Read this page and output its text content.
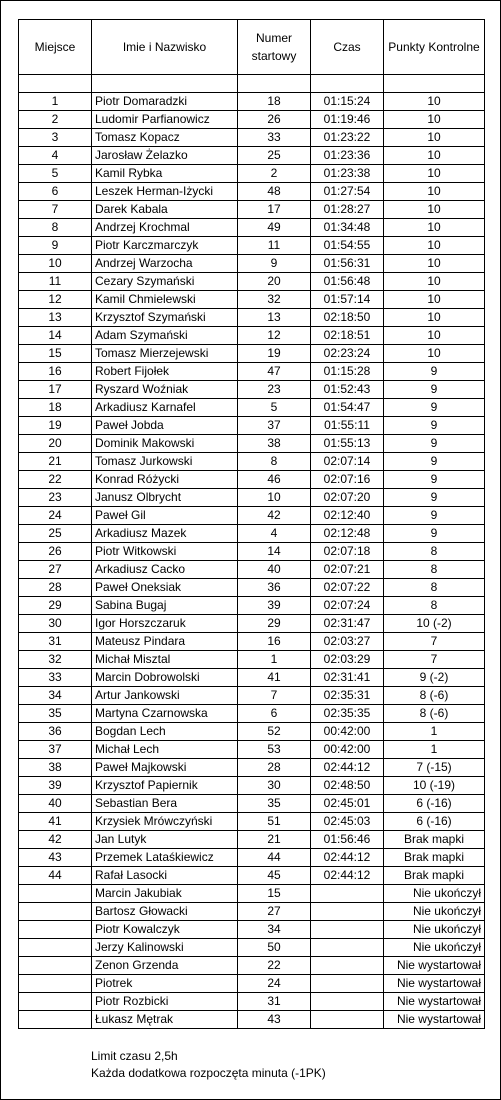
Miejsce	Imie i Nazwisko	Numer startowy	Czas	Punkty Kontrolne

1	Piotr Domaradzki	18	01:15:24	10
2	Ludomir Parfianowicz	26	01:19:46	10
3	Tomasz Kopacz	33	01:23:22	10
4	Jarosław Żelazko	25	01:23:36	10
5	Kamil Rybka	2	01:23:38	10
6	Leszek Herman-Iżycki	48	01:27:54	10
7	Darek Kabala	17	01:28:27	10
8	Andrzej Krochmal	49	01:34:48	10
9	Piotr Karczmarczyk	11	01:54:55	10
10	Andrzej Warzocha	9	01:56:31	10
11	Cezary Szymański	20	01:56:48	10
12	Kamil Chmielewski	32	01:57:14	10
13	Krzysztof Szymański	13	02:18:50	10
14	Adam Szymański	12	02:18:51	10
15	Tomasz Mierzejewski	19	02:23:24	10
16	Robert Fijołek	47	01:15:28	9
17	Ryszard Woźniak	23	01:52:43	9
18	Arkadiusz Karnafel	5	01:54:47	9
19	Paweł Jobda	37	01:55:11	9
20	Dominik Makowski	38	01:55:13	9
21	Tomasz Jurkowski	8	02:07:14	9
22	Konrad Różycki	46	02:07:16	9
23	Janusz Olbrycht	10	02:07:20	9
24	Paweł Gil	42	02:12:40	9
25	Arkadiusz Mazek	4	02:12:48	9
26	Piotr Witkowski	14	02:07:18	8
27	Arkadiusz Cacko	40	02:07:21	8
28	Paweł Oneksiak	36	02:07:22	8
29	Sabina Bugaj	39	02:07:24	8
30	Igor Horszczaruk	29	02:31:47	10 (-2)
31	Mateusz Pindara	16	02:03:27	7
32	Michał Misztal	1	02:03:29	7
33	Marcin Dobrowolski	41	02:31:41	9 (-2)
34	Artur Jankowski	7	02:35:31	8 (-6)
35	Martyna Czarnowska	6	02:35:35	8 (-6)
36	Bogdan Lech	52	00:42:00	1
37	Michał Lech	53	00:42:00	1
38	Paweł Majkowski	28	02:44:12	7 (-15)
39	Krzysztof Papiernik	30	02:48:50	10 (-19)
40	Sebastian Bera	35	02:45:01	6 (-16)
41	Krzysiek Mrówczyński	51	02:45:03	6 (-16)
42	Jan Lutyk	21	01:56:46	Brak mapki
43	Przemek Lataśkiewicz	44	02:44:12	Brak mapki
44	Rafał Lasocki	45	02:44:12	Brak mapki
	Marcin Jakubiak	15		Nie ukończył
	Bartosz Głowacki	27		Nie ukończył
	Piotr Kowalczyk	34		Nie ukończył
	Jerzy Kalinowski	50		Nie ukończył
	Zenon Grzenda	22		Nie wystartował
	Piotrek	24		Nie wystartował
	Piotr Rozbicki	31		Nie wystartował
	Łukasz Mętrak	43		Nie wystartował
Limit czasu 2,5h
Każda dodatkowa rozpoczęta minuta (-1PK)
